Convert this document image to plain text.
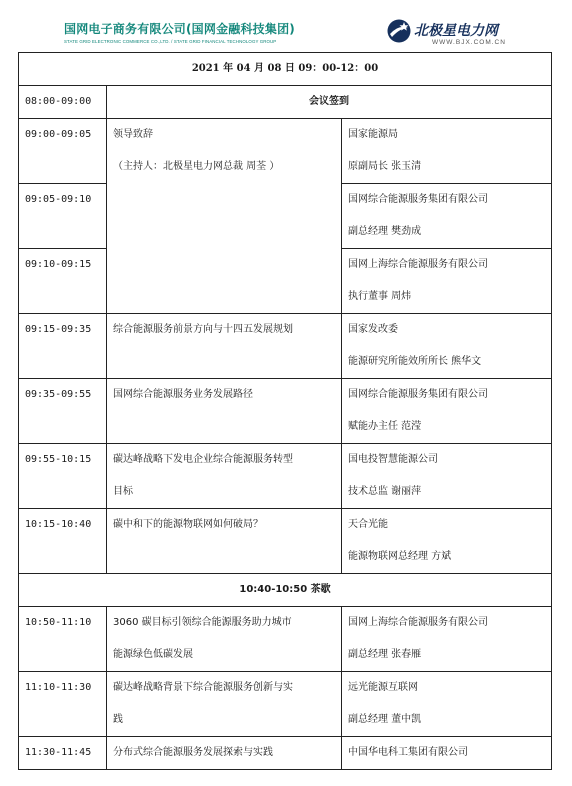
国网电子商务有限公司(国网金融科技集团)
STATE GRID ELECTRONIC COMMERCE CO.,LTD. / STATE GRID FINANCIAL TECHNOLOGY GROUP
北极星电力网
WWW.BJX.COM.CN
2021 年 04 月 08 日 09：00-12：00		
08:00-09:00	会议签到	
09:00-09:05	领导致辞
（主持人：北极星电力网总裁 周荃 ）	国家能源局
原副局长 张玉清

09:05-09:10		国网综合能源服务集团有限公司
副总经理 樊劲成

09:10-09:15		国网上海综合能源服务有限公司
执行董事 周炜

09:15-09:35	综合能源服务前景方向与十四五发展规划	国家发改委
能源研究所能效所所长 熊华文

09:35-09:55	国网综合能源服务业务发展路径	国网综合能源服务集团有限公司
赋能办主任 范滢

09:55-10:15	碳达峰战略下发电企业综合能源服务转型
目标	国电投智慧能源公司
技术总监 谢丽萍

10:15-10:40	碳中和下的能源物联网如何破局？	天合光能
能源物联网总经理 方斌

10:40-10:50 茶歇		
10:50-11:10	3060 碳目标引领综合能源服务助力城市
能源绿色低碳发展	国网上海综合能源服务有限公司
副总经理 张春雁

11:10-11:30	碳达峰战略背景下综合能源服务创新与实
践	远光能源互联网
副总经理 董中凯

11:30-11:45	分布式综合能源服务发展探索与实践	中国华电科工集团有限公司
